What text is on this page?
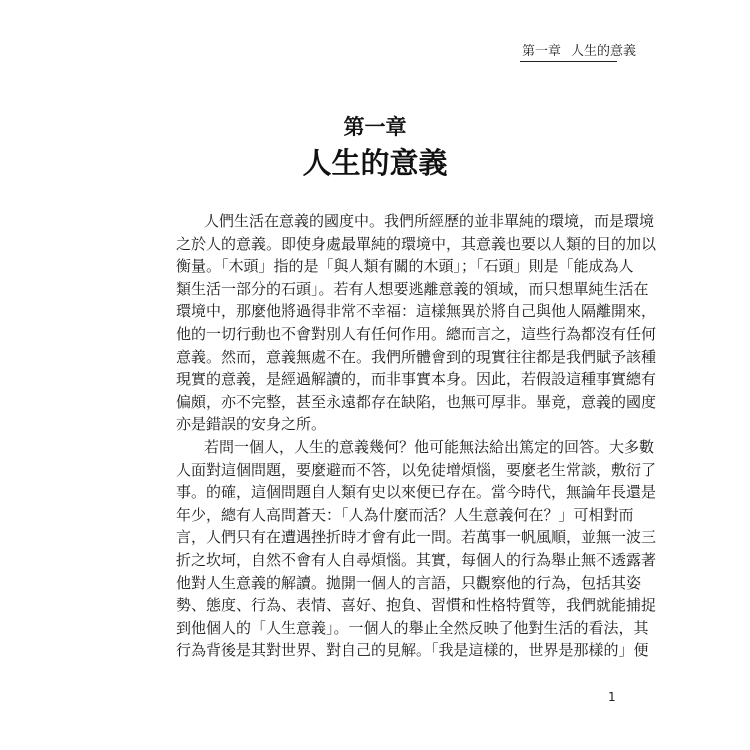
第一章 人生的意義
第一章
人生的意義
人們生活在意義的國度中。我們所經歷的並非單純的環境，而是環境
之於人的意義。即使身處最單純的環境中，其意義也要以人類的目的加以
衡量。「木頭」指的是「與人類有關的木頭」；「石頭」則是「能成為人
類生活一部分的石頭」。若有人想要逃離意義的領域，而只想單純生活在
環境中，那麼他將過得非常不幸福：這樣無異於將自己與他人隔離開來，
他的一切行動也不會對別人有任何作用。總而言之，這些行為都沒有任何
意義。然而，意義無處不在。我們所體會到的現實往往都是我們賦予該種
現實的意義，是經過解讀的，而非事實本身。因此，若假設這種事實總有
偏頗，亦不完整，甚至永遠都存在缺陷，也無可厚非。畢竟，意義的國度
亦是錯誤的安身之所。
若問一個人，人生的意義幾何？他可能無法給出篤定的回答。大多數
人面對這個問題，要麼避而不答，以免徒增煩惱，要麼老生常談，敷衍了
事。的確，這個問題自人類有史以來便已存在。當今時代，無論年長還是
年少，總有人高問蒼天：「人為什麼而活？人生意義何在？」可相對而
言，人們只有在遭遇挫折時才會有此一問。若萬事一帆風順，並無一波三
折之坎坷，自然不會有人自尋煩惱。其實，每個人的行為舉止無不透露著
他對人生意義的解讀。拋開一個人的言語，只觀察他的行為，包括其姿
勢、態度、行為、表情、喜好、抱負、習慣和性格特質等，我們就能捕捉
到他個人的「人生意義」。一個人的舉止全然反映了他對生活的看法，其
行為背後是其對世界、對自己的見解。「我是這樣的，世界是那樣的」便
1
